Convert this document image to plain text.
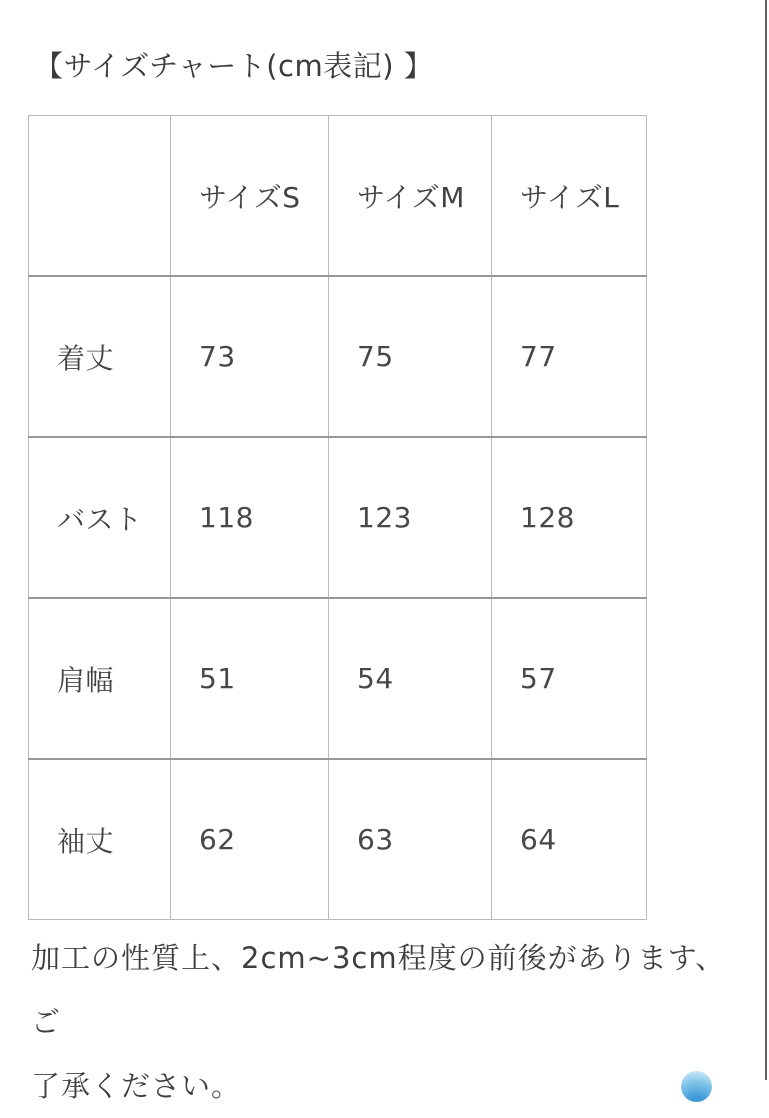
【サイズチャート(cm表記) 】
	サイズS	サイズM	サイズL
着丈	73	75	77
バスト	118	123	128
肩幅	51	54	57
袖丈	62	63	64
加工の性質上、2cm~3cm程度の前後があります、ご
了承ください。
